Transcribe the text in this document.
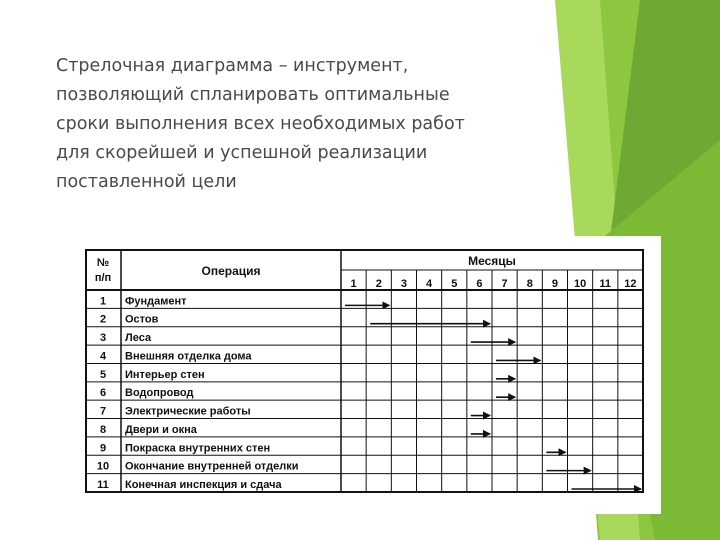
Стрелочная диаграмма – инструмент,
позволяющий спланировать оптимальные
сроки выполнения всех необходимых работ
для скорейшей и успешной реализации
поставленной цели
№
п/п	Операция
Месяцы
1 2 3 4 5 6 7 8 9 10 11 12
1 Фундамент
2 Остов
3 Леса
4 Внешняя отделка дома
5 Интерьер стен
6 Водопровод
7 Электрические работы
8 Двери и окна
9 Покраска внутренних стен
10 Окончание внутренней отделки
11 Конечная инспекция и сдача
